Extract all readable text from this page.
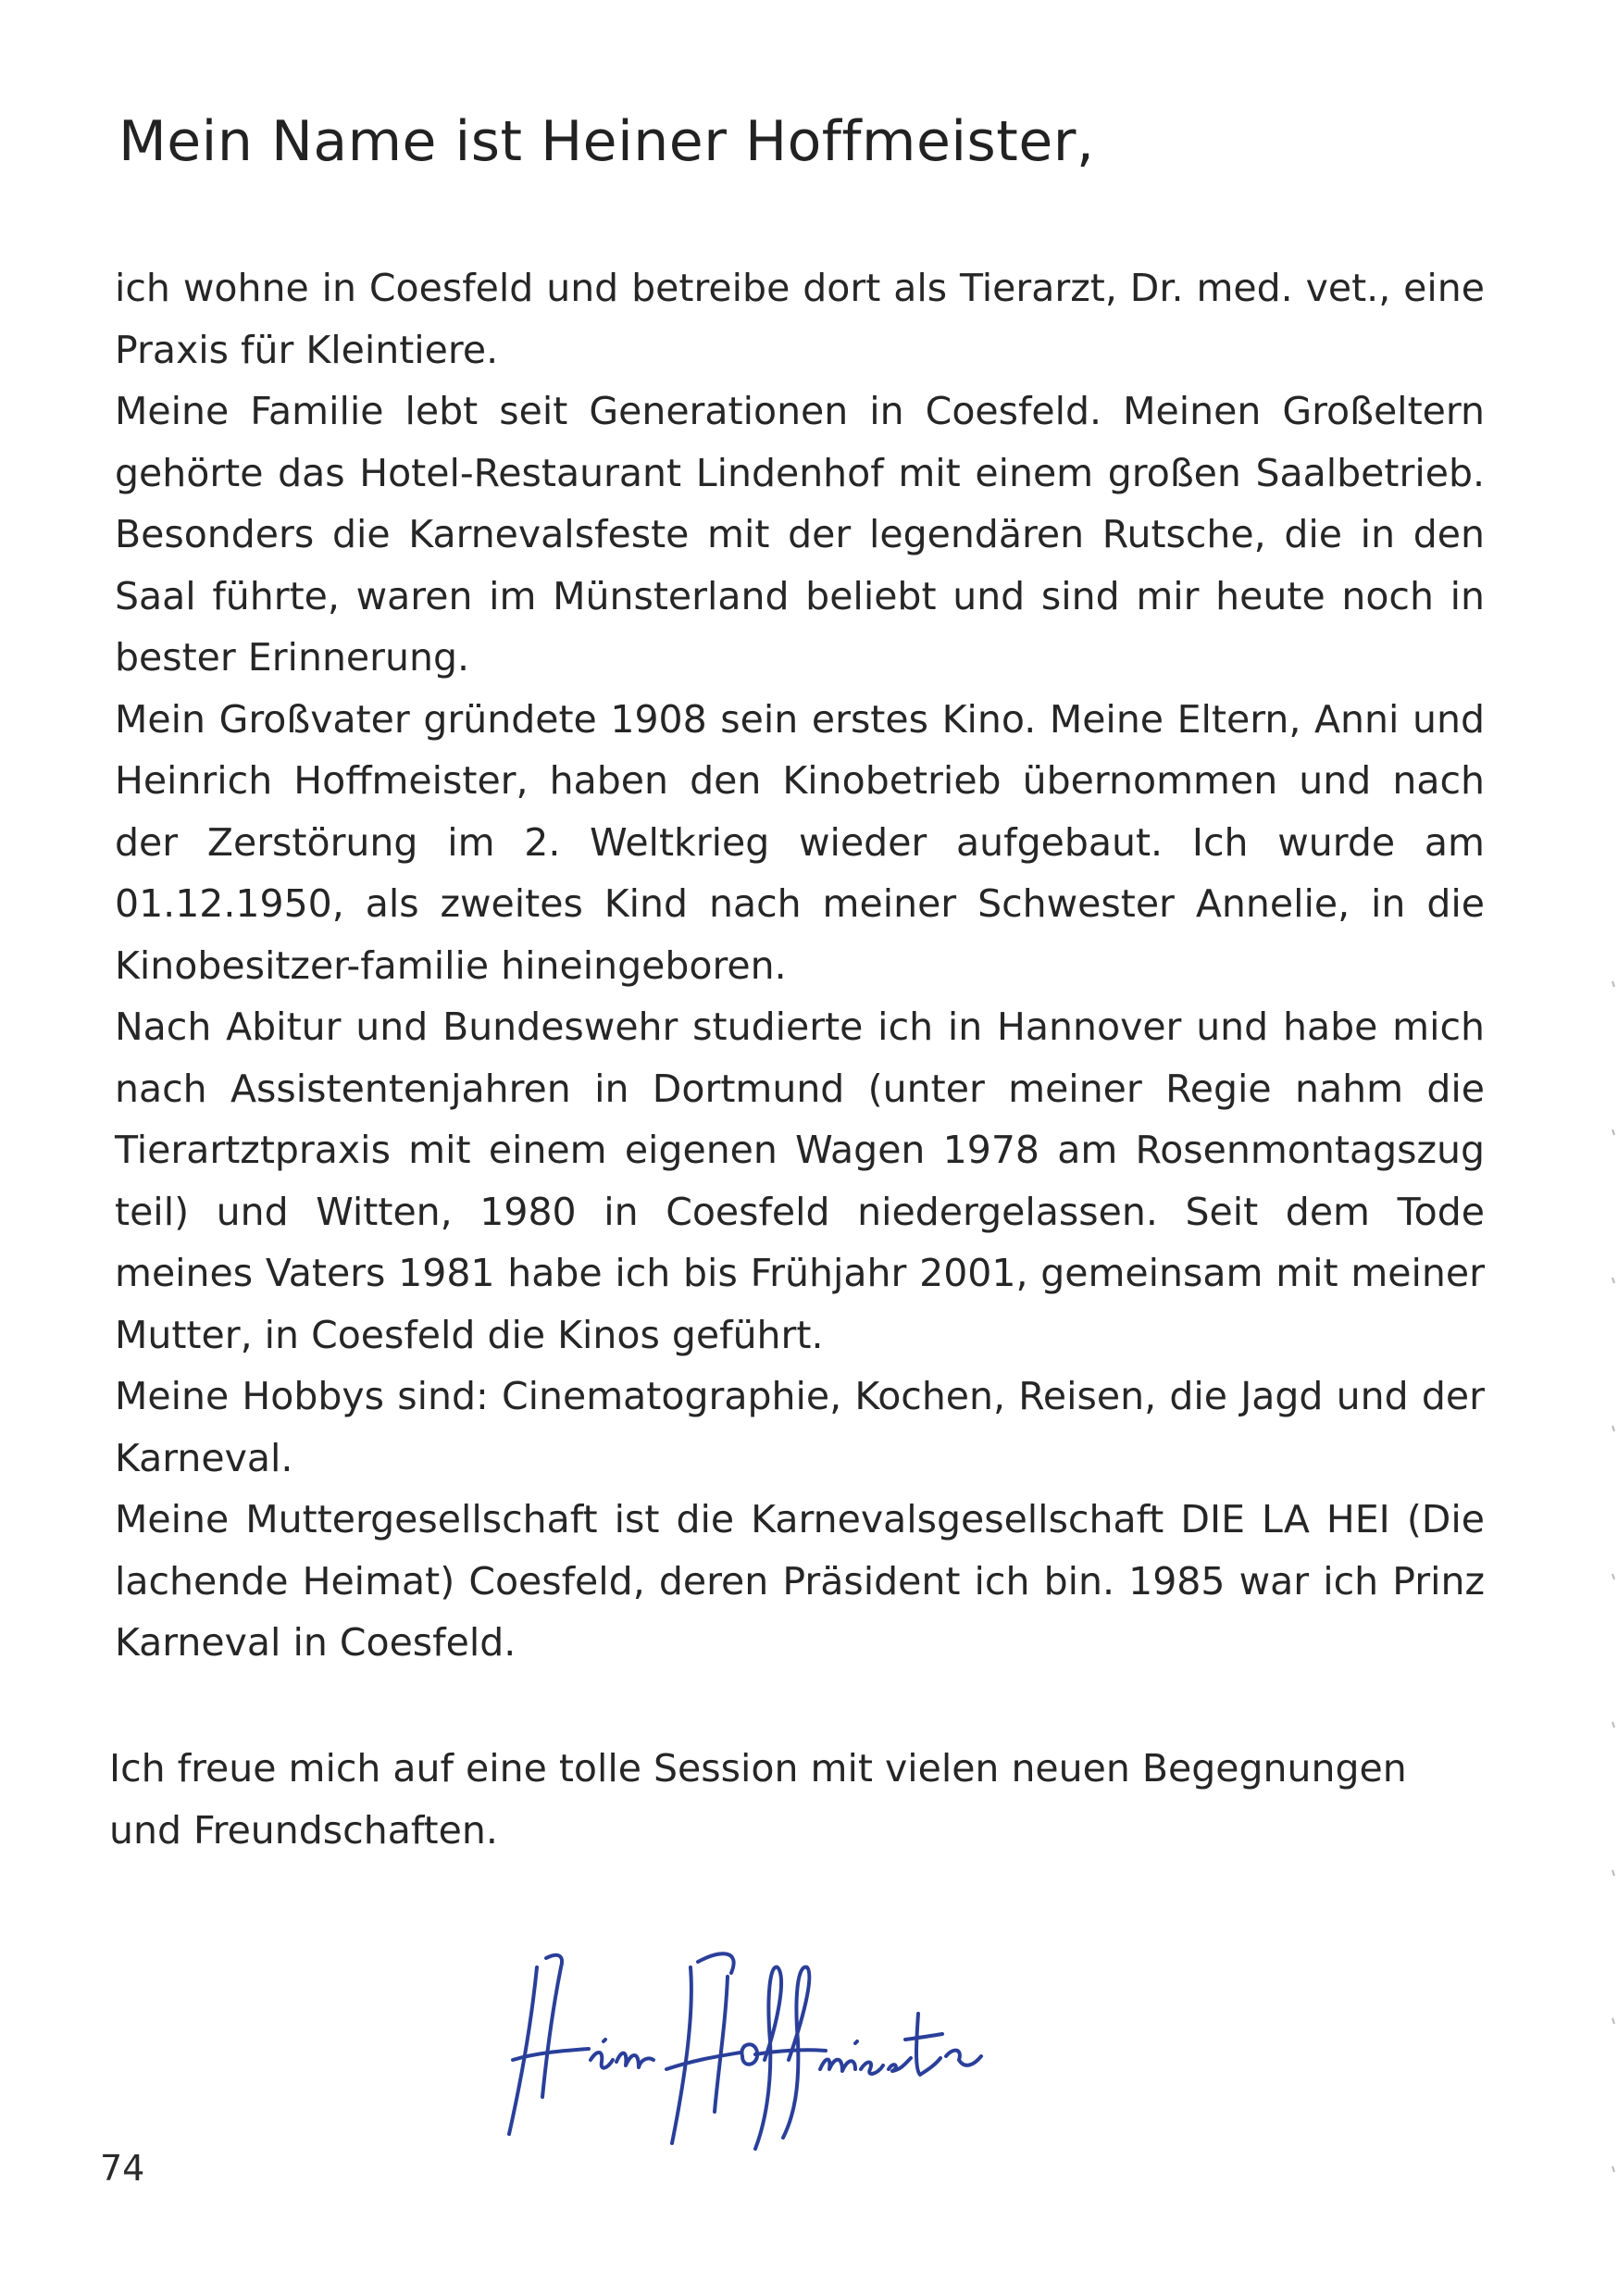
Mein Name ist Heiner Hoffmeister,

ich wohne in Coesfeld und betreibe dort als Tierarzt, Dr. med. vet., eine Praxis für Kleintiere.

Meine Familie lebt seit Generationen in Coesfeld. Meinen Großeltern gehörte das Hotel-Restaurant Lindenhof mit einem großen Saalbetrieb. Besonders die Karnevalsfeste mit der legendären Rutsche, die in den Saal führte, waren im Münsterland beliebt und sind mir heute noch in bester Erinnerung.

Mein Großvater gründete 1908 sein erstes Kino. Meine Eltern, Anni und Heinrich Hoffmeister, haben den Kinobetrieb übernommen und nach der Zerstörung im 2. Weltkrieg wieder aufgebaut. Ich wurde am 01.12.1950, als zweites Kind nach meiner Schwester Annelie, in die Kinobesitzer-familie hineingeboren.

Nach Abitur und Bundeswehr studierte ich in Hannover und habe mich nach Assistentenjahren in Dortmund (unter meiner Regie nahm die Tierartztpraxis mit einem eigenen Wagen 1978 am Rosenmontagszug teil) und Witten, 1980 in Coesfeld niedergelassen. Seit dem Tode meines Vaters 1981 habe ich bis Frühjahr 2001, gemeinsam mit meiner Mutter, in Coesfeld die Kinos geführt.

Meine Hobbys sind: Cinematographie, Kochen, Reisen, die Jagd und der Karneval.

Meine Muttergesellschaft ist die Karnevalsgesellschaft DIE LA HEI (Die lachende Heimat) Coesfeld, deren Präsident ich bin. 1985 war ich Prinz Karneval in Coesfeld.

Ich freue mich auf eine tolle Session mit vielen neuen Begegnungen und Freundschaften.

74
